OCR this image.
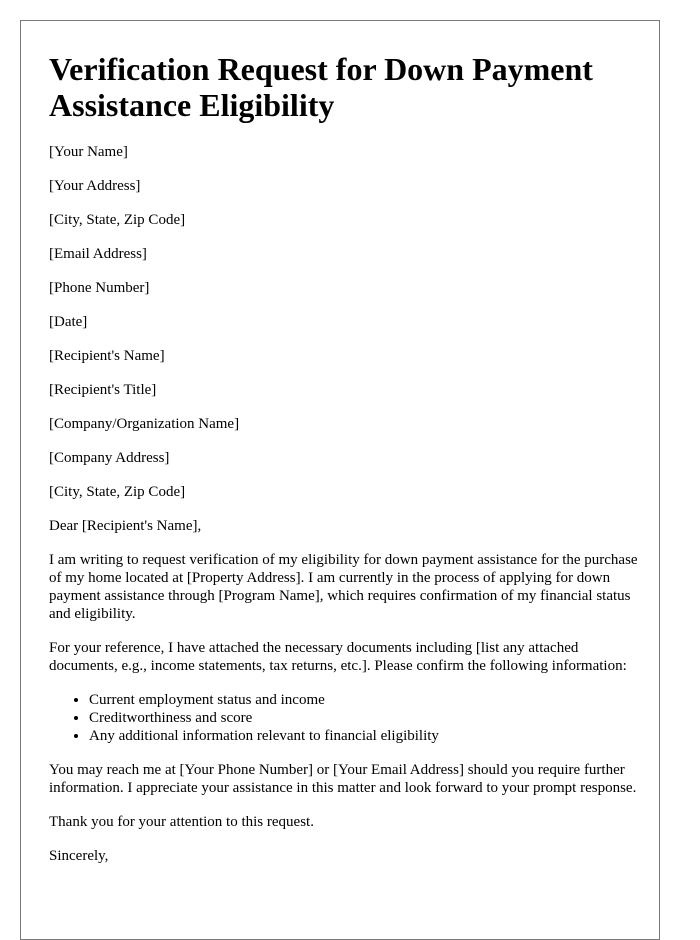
Verification Request for Down Payment Assistance Eligibility

[Your Name]

[Your Address]

[City, State, Zip Code]

[Email Address]

[Phone Number]

[Date]

[Recipient's Name]

[Recipient's Title]

[Company/Organization Name]

[Company Address]

[City, State, Zip Code]

Dear [Recipient's Name],

I am writing to request verification of my eligibility for down payment assistance for the purchase of my home located at [Property Address]. I am currently in the process of applying for down payment assistance through [Program Name], which requires confirmation of my financial status and eligibility.

For your reference, I have attached the necessary documents including [list any attached documents, e.g., income statements, tax returns, etc.]. Please confirm the following information:

• Current employment status and income
• Creditworthiness and score
• Any additional information relevant to financial eligibility

You may reach me at [Your Phone Number] or [Your Email Address] should you require further information. I appreciate your assistance in this matter and look forward to your prompt response.

Thank you for your attention to this request.

Sincerely,
